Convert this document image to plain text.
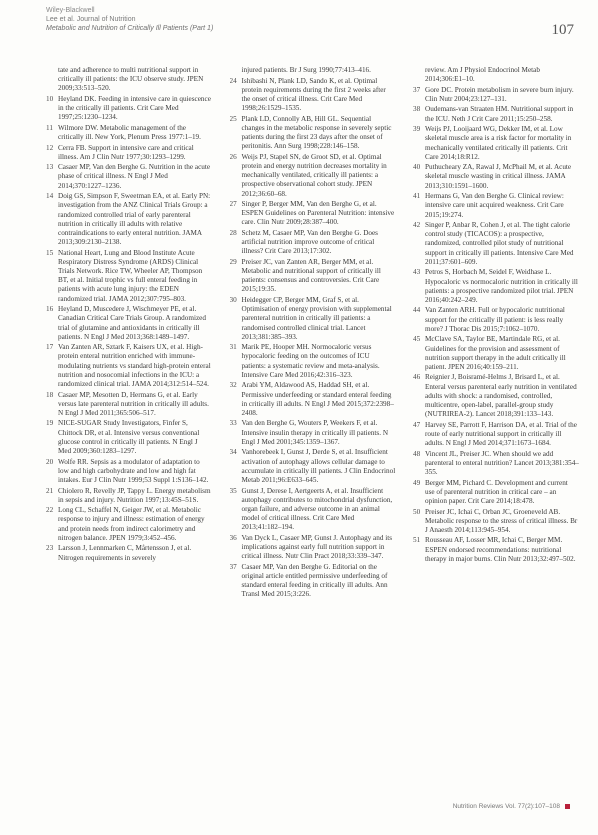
Wiley-Blackwell
Lee et al. Journal of Nutrition
Metabolic and Nutrition of Critically Ill Patients (Part 1)	107
tate and adherence to multi nutritional support in critically ill patients: the ICU observe study. JPEN 2009;33:513–520.
10 Heyland DK. Feeding in intensive care in quiescence in the critically ill patients. Crit Care Med 1997;25:1230–1234.
11 Wilmore DW. Metabolic management of the critically ill. New York, Plenum Press 1977:1–19.
12 Cerra FB. Support in intensive care and critical illness. Am J Clin Nutr 1977;30:1293–1299.
13 Casaer MP, Van den Berghe G. Nutrition in the acute phase of critical illness. N Engl J Med 2014;370:1227–1236.
14 Doig GS, Simpson F, Sweetman EA, et al. Early PN: investigation from the ANZ Clinical Trials Group: a randomized controlled trial of early parenteral nutrition in critically ill adults with relative contraindications to early enteral nutrition. JAMA 2013;309:2130–2138.
15 National Heart, Lung and Blood Institute Acute Respiratory Distress Syndrome (ARDS) Clinical Trials Network. Rice TW, Wheeler AP, Thompson BT, et al. Initial trophic vs full enteral feeding in patients with acute lung injury: the EDEN randomized trial. JAMA 2012;307:795–803.
16 Heyland D, Muscedere J, Wischmeyer PE, et al. Canadian Critical Care Trials Group. A randomized trial of glutamine and antioxidants in critically ill patients. N Engl J Med 2013;368:1489–1497.
17 Van Zanten AR, Sztark F, Kaisers UX, et al. High-protein enteral nutrition enriched with immune-modulating nutrients vs standard high-protein enteral nutrition and nosocomial infections in the ICU: a randomized clinical trial. JAMA 2014;312:514–524.
18 Casaer MP, Mesotten D, Hermans G, et al. Early versus late parenteral nutrition in critically ill adults. N Engl J Med 2011;365:506–517.
19 NICE-SUGAR Study Investigators, Finfer S, Chittock DR, et al. Intensive versus conventional glucose control in critically ill patients. N Engl J Med 2009;360:1283–1297.
20 Wolfe RR. Sepsis as a modulator of adaptation to low and high carbohydrate and low and high fat intakes. Eur J Clin Nutr 1999;53 Suppl 1:S136–142.
21 Chiolero R, Revelly JP, Tappy L. Energy metabolism in sepsis and injury. Nutrition 1997;13:45S–51S.
22 Long CL, Schaffel N, Geiger JW, et al. Metabolic response to injury and illness: estimation of energy and protein needs from indirect calorimetry and nitrogen balance. JPEN 1979;3:452–456.
23 Larsson J, Lennmarken C, Mårtensson J, et al. Nitrogen requirements in severely
injured patients. Br J Surg 1990;77:413–416.
24 Ishibashi N, Plank LD, Sando K, et al. Optimal protein requirements during the first 2 weeks after the onset of critical illness. Crit Care Med 1998;26:1529–1535.
25 Plank LD, Connolly AB, Hill GL. Sequential changes in the metabolic response in severely septic patients during the first 23 days after the onset of peritonitis. Ann Surg 1998;228:146–158.
26 Weijs PJ, Stapel SN, de Groot SD, et al. Optimal protein and energy nutrition decreases mortality in mechanically ventilated, critically ill patients: a prospective observational cohort study. JPEN 2012;36:60–68.
27 Singer P, Berger MM, Van den Berghe G, et al. ESPEN Guidelines on Parenteral Nutrition: intensive care. Clin Nutr 2009;28:387–400.
28 Schetz M, Casaer MP, Van den Berghe G. Does artificial nutrition improve outcome of critical illness? Crit Care 2013;17:302.
29 Preiser JC, van Zanten AR, Berger MM, et al. Metabolic and nutritional support of critically ill patients: consensus and controversies. Crit Care 2015;19:35.
30 Heidegger CP, Berger MM, Graf S, et al. Optimisation of energy provision with supplemental parenteral nutrition in critically ill patients: a randomised controlled clinical trial. Lancet 2013;381:385–393.
31 Marik PE, Hooper MH. Normocaloric versus hypocaloric feeding on the outcomes of ICU patients: a systematic review and meta-analysis. Intensive Care Med 2016;42:316–323.
32 Arabi YM, Aldawood AS, Haddad SH, et al. Permissive underfeeding or standard enteral feeding in critically ill adults. N Engl J Med 2015;372:2398–2408.
33 Van den Berghe G, Wouters P, Weekers F, et al. Intensive insulin therapy in critically ill patients. N Engl J Med 2001;345:1359–1367.
34 Vanhorebeek I, Gunst J, Derde S, et al. Insufficient activation of autophagy allows cellular damage to accumulate in critically ill patients. J Clin Endocrinol Metab 2011;96:E633–645.
35 Gunst J, Derese I, Aertgeerts A, et al. Insufficient autophagy contributes to mitochondrial dysfunction, organ failure, and adverse outcome in an animal model of critical illness. Crit Care Med 2013;41:182–194.
36 Van Dyck L, Casaer MP, Gunst J. Autophagy and its implications against early full nutrition support in critical illness. Nutr Clin Pract 2018;33:339–347.
37 Casaer MP, Van den Berghe G. Editorial on the original article entitled permissive underfeeding of standard enteral feeding in critically ill adults. Ann Transl Med 2015;3:226.
review. Am J Physiol Endocrinol Metab 2014;306:E1–10.
37 Gore DC. Protein metabolism in severe burn injury. Clin Nutr 2004;23:127–131.
38 Oudemans-van Straaten HM. Nutritional support in the ICU. Neth J Crit Care 2011;15:250–258.
39 Weijs PJ, Looijaard WG, Dekker IM, et al. Low skeletal muscle area is a risk factor for mortality in mechanically ventilated critically ill patients. Crit Care 2014;18:R12.
40 Puthucheary ZA, Rawal J, McPhail M, et al. Acute skeletal muscle wasting in critical illness. JAMA 2013;310:1591–1600.
41 Hermans G, Van den Berghe G. Clinical review: intensive care unit acquired weakness. Crit Care 2015;19:274.
42 Singer P, Anbar R, Cohen J, et al. The tight calorie control study (TICACOS): a prospective, randomized, controlled pilot study of nutritional support in critically ill patients. Intensive Care Med 2011;37:601–609.
43 Petros S, Horbach M, Seidel F, Weidhase L. Hypocaloric vs normocaloric nutrition in critically ill patients: a prospective randomized pilot trial. JPEN 2016;40:242–249.
44 Van Zanten ARH. Full or hypocaloric nutritional support for the critically ill patient: is less really more? J Thorac Dis 2015;7:1062–1070.
45 McClave SA, Taylor BE, Martindale RG, et al. Guidelines for the provision and assessment of nutrition support therapy in the adult critically ill patient. JPEN 2016;40:159–211.
46 Reignier J, Boisramé-Helms J, Brisard L, et al. Enteral versus parenteral early nutrition in ventilated adults with shock: a randomised, controlled, multicentre, open-label, parallel-group study (NUTRIREA-2). Lancet 2018;391:133–143.
47 Harvey SE, Parrott F, Harrison DA, et al. Trial of the route of early nutritional support in critically ill adults. N Engl J Med 2014;371:1673–1684.
48 Vincent JL, Preiser JC. When should we add parenteral to enteral nutrition? Lancet 2013;381:354–355.
49 Berger MM, Pichard C. Development and current use of parenteral nutrition in critical care – an opinion paper. Crit Care 2014;18:478.
50 Preiser JC, Ichai C, Orban JC, Groeneveld AB. Metabolic response to the stress of critical illness. Br J Anaesth 2014;113:945–954.
51 Rousseau AF, Losser MR, Ichai C, Berger MM. ESPEN endorsed recommendations: nutritional therapy in major burns. Clin Nutr 2013;32:497–502.
Nutrition Reviews Vol. 77(2):107–108
